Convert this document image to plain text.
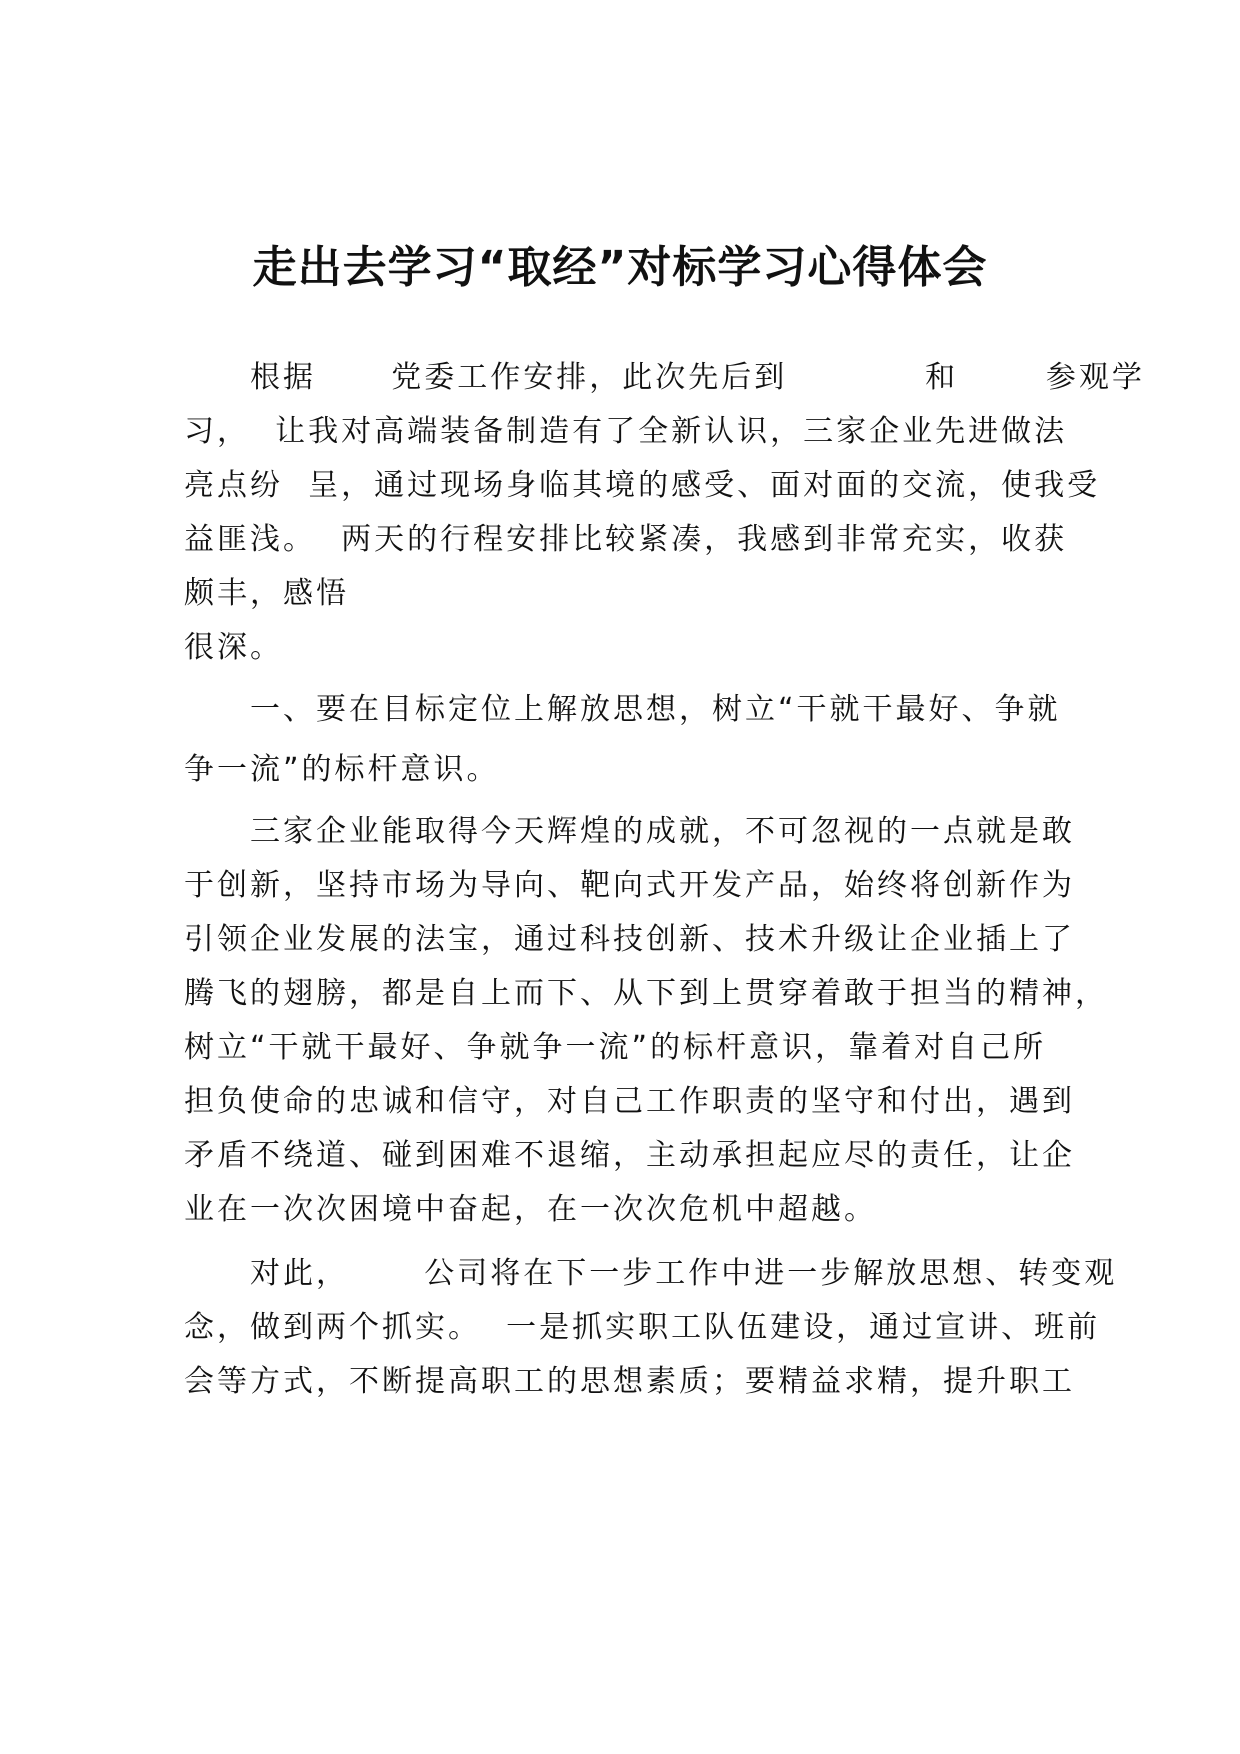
走出去学习“取经”对标学习心得体会

根据      党委工作安排，此次先后到           和       参观学

习，  让我对高端装备制造有了全新认识，三家企业先进做法

亮点纷  呈，通过现场身临其境的感受、面对面的交流，使我受

益匪浅。  两天的行程安排比较紧凑，我感到非常充实，收获

颇丰，感悟

很深。

一、要在目标定位上解放思想，树立“干就干最好、争就

争一流”的标杆意识。

三家企业能取得今天辉煌的成就，不可忽视的一点就是敢

于创新，坚持市场为导向、靶向式开发产品，始终将创新作为

引领企业发展的法宝，通过科技创新、技术升级让企业插上了

腾飞的翅膀，都是自上而下、从下到上贯穿着敢于担当的精神，

树立“干就干最好、争就争一流”的标杆意识，靠着对自己所

担负使命的忠诚和信守，对自己工作职责的坚守和付出，遇到

矛盾不绕道、碰到困难不退缩，主动承担起应尽的责任，让企

业在一次次困境中奋起，在一次次危机中超越。

对此，      公司将在下一步工作中进一步解放思想、转变观

念，做到两个抓实。  一是抓实职工队伍建设，通过宣讲、班前

会等方式，不断提高职工的思想素质；要精益求精，提升职工
